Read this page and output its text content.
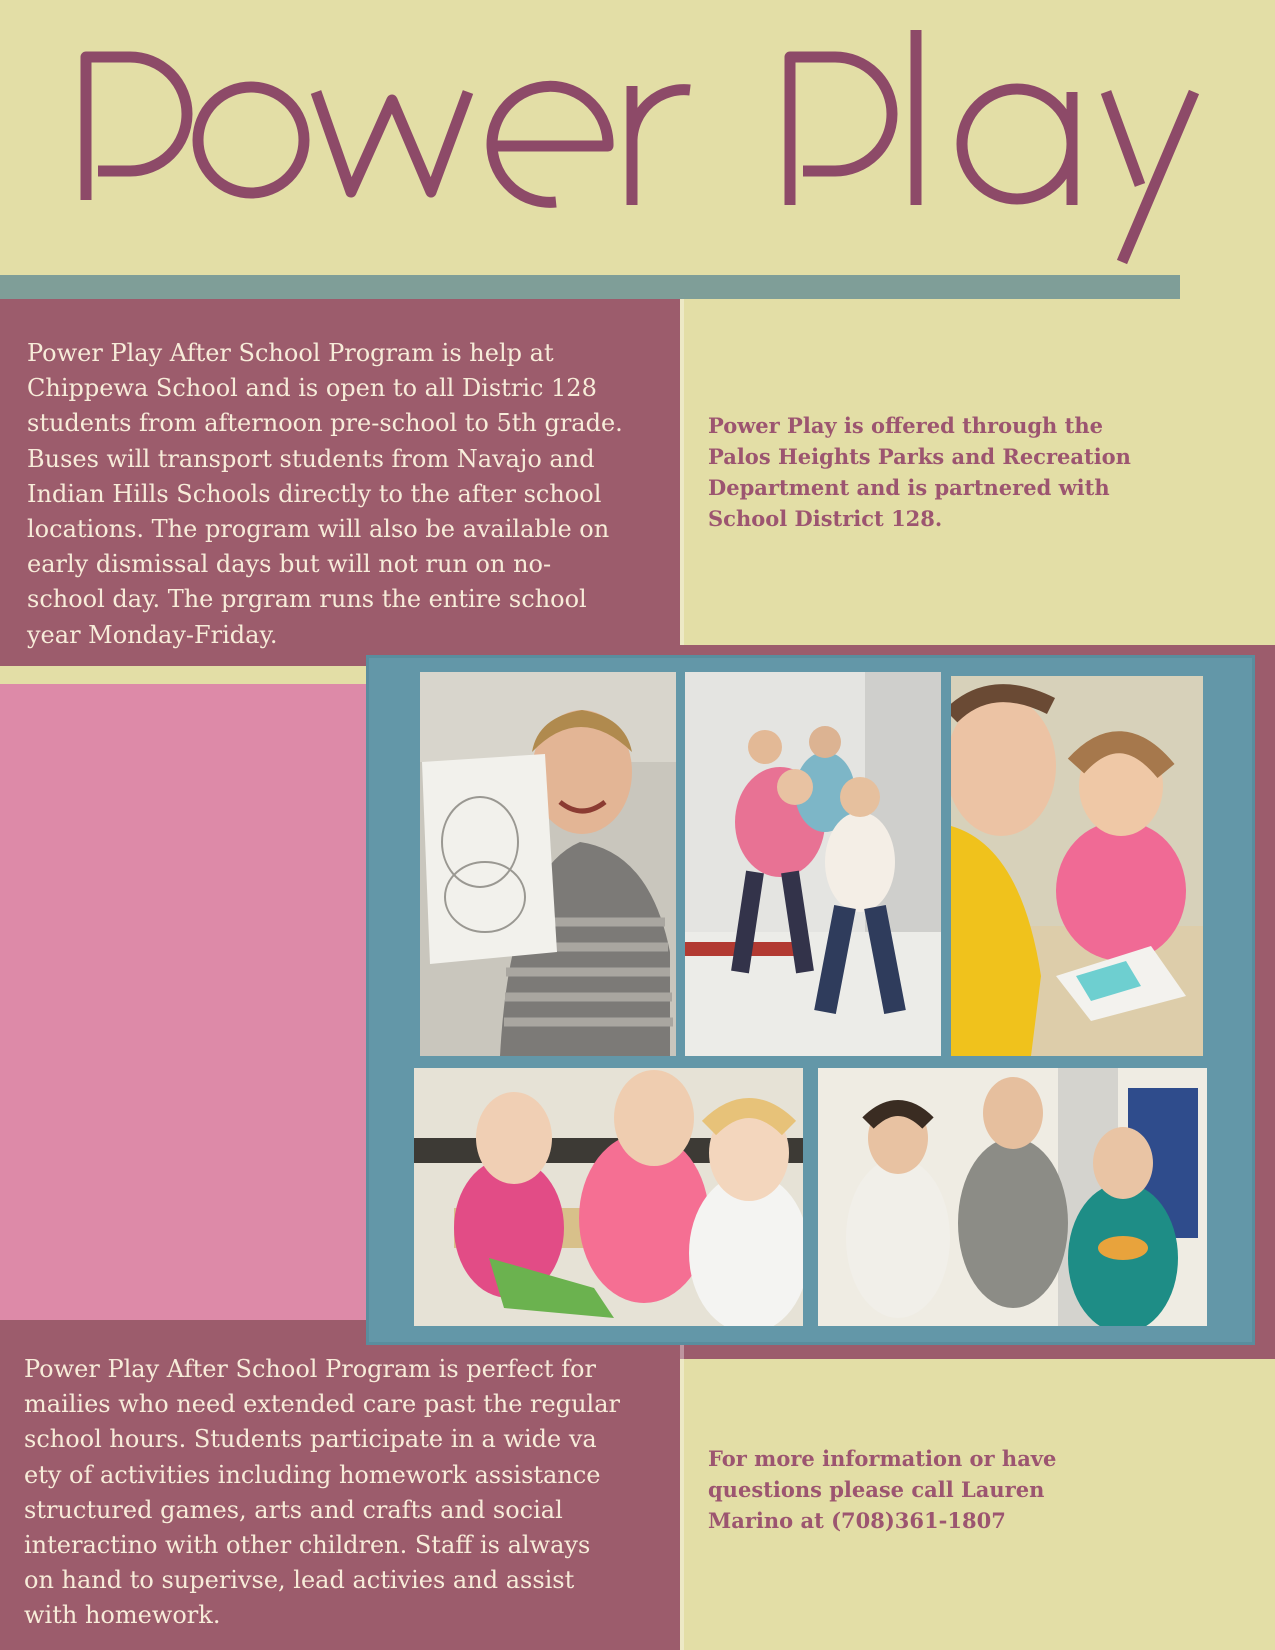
Power Play After School Program is help at Chippewa School and is open to all Distric 128 students from afternoon pre-school to 5th grade. Buses will transport students from Navajo and Indian Hills Schools directly to the after school locations. The program will also be available on early dismissal days but will not run on no-school day. The prgram runs the entire school year Monday-Friday.

Power Play is offered through the Palos Heights Parks and Recreation Department and is partnered with School District 128.

Power Play After School Program is perfect for mailies who need extended care past the regular school hours. Students participate in a wide va ety of activities including homework assistance structured games, arts and crafts and social interactino with other children. Staff is always on hand to superivse, lead activies and assist with homework.

For more information or have questions please call Lauren Marino at (708)361-1807
